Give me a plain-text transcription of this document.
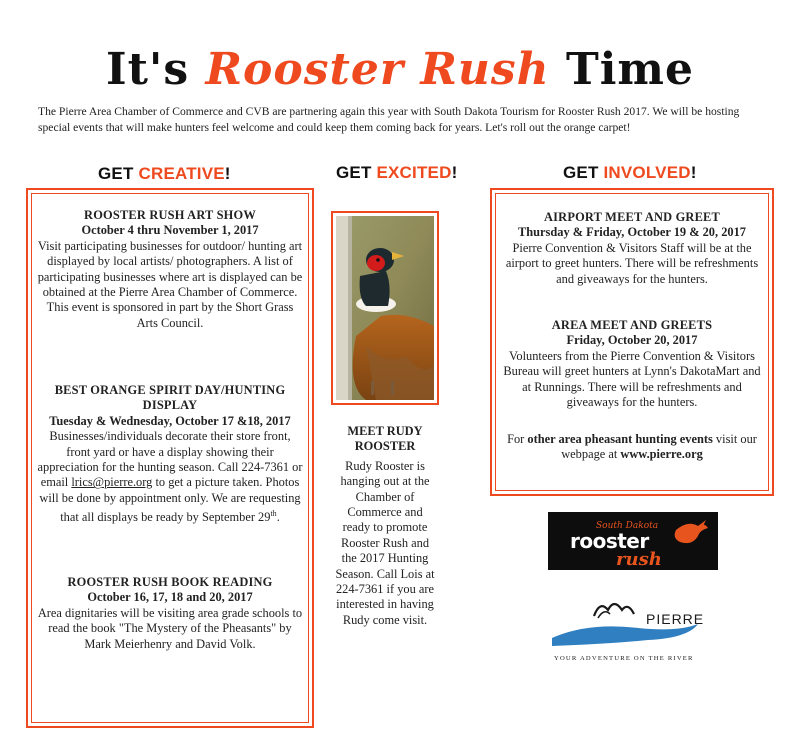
It's Rooster Rush Time
The Pierre Area Chamber of Commerce and CVB are partnering again this year with South Dakota Tourism for Rooster Rush 2017. We will be hosting special events that will make hunters feel welcome and could keep them coming back for years. Let's roll out the orange carpet!
GET CREATIVE!	GET EXCITED!	GET INVOLVED!
ROOSTER RUSH ART SHOW
October 4 thru November 1, 2017
Visit participating businesses for outdoor/ hunting art displayed by local artists/ photographers. A list of participating businesses where art is displayed can be obtained at the Pierre Area Chamber of Commerce. This event is sponsored in part by the Short Grass Arts Council.
BEST ORANGE SPIRIT DAY/HUNTING DISPLAY
Tuesday & Wednesday, October 17 &18, 2017
Businesses/individuals decorate their store front, front yard or have a display showing their appreciation for the hunting season. Call 224-7361 or email lrics@pierre.org to get a picture taken. Photos will be done by appointment only. We are requesting that all displays be ready by September 29th.
ROOSTER RUSH BOOK READING
October 16, 17, 18 and 20, 2017
Area dignitaries will be visiting area grade schools to read the book "The Mystery of the Pheasants" by Mark Meierhenry and David Volk.
MEET RUDY ROOSTER
Rudy Rooster is hanging out at the Chamber of Commerce and ready to promote Rooster Rush and the 2017 Hunting Season. Call Lois at 224-7361 if you are interested in having Rudy come visit.
AIRPORT MEET AND GREET
Thursday & Friday, October 19 & 20, 2017
Pierre Convention & Visitors Staff will be at the airport to greet hunters. There will be refreshments and giveaways for the hunters.
AREA MEET AND GREETS
Friday, October 20, 2017
Volunteers from the Pierre Convention & Visitors Bureau will greet hunters at Lynn's DakotaMart and at Runnings. There will be refreshments and giveaways for the hunters.
For other area pheasant hunting events visit our webpage at www.pierre.org
South Dakota
rooster
rush
PIERRE
YOUR ADVENTURE ON THE RIVER
